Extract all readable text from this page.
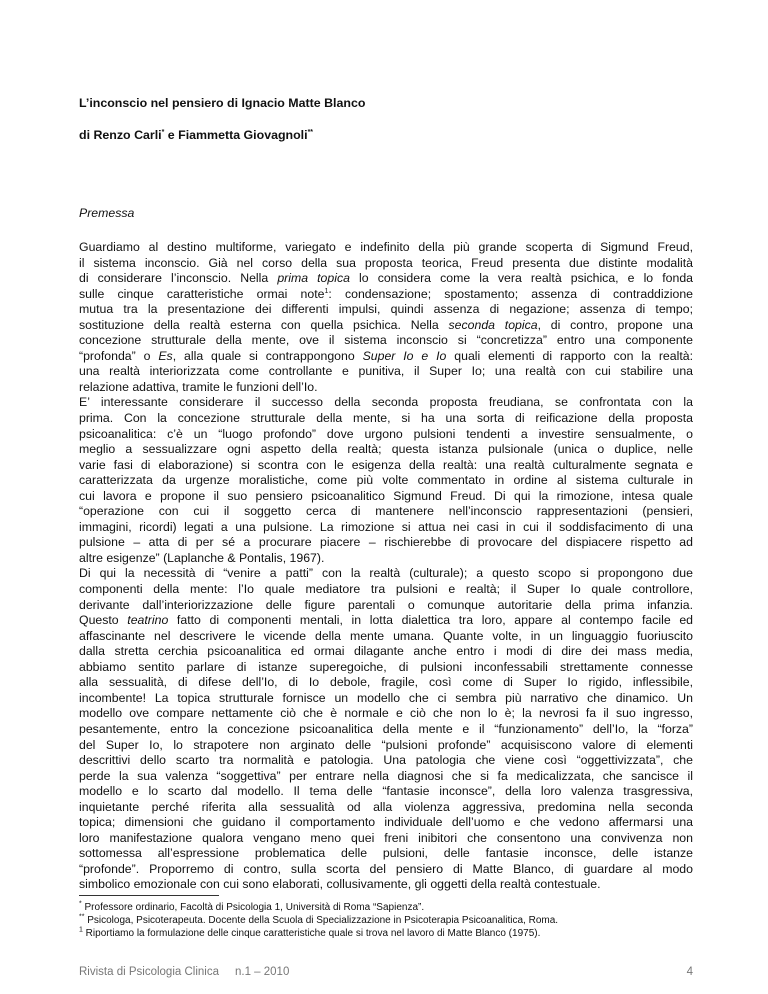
L’inconscio nel pensiero di Ignacio Matte Blanco
di Renzo Carli* e Fiammetta Giovagnoli**
Premessa
Guardiamo al destino multiforme, variegato e indefinito della più grande scoperta di Sigmund Freud,
il sistema inconscio. Già nel corso della sua proposta teorica, Freud presenta due distinte modalità
di considerare l’inconscio. Nella prima topica lo considera come la vera realtà psichica, e lo fonda
sulle cinque caratteristiche ormai note$^1$: condensazione; spostamento; assenza di contraddizione
mutua tra la presentazione dei differenti impulsi, quindi assenza di negazione; assenza di tempo;
sostituzione della realtà esterna con quella psichica. Nella seconda topica, di contro, propone una
concezione strutturale della mente, ove il sistema inconscio si “concretizza” entro una componente
“profonda” o Es, alla quale si contrappongono Super Io e Io quali elementi di rapporto con la realtà:
una realtà interiorizzata come controllante e punitiva, il Super Io; una realtà con cui stabilire una
relazione adattiva, tramite le funzioni dell’Io.
E’ interessante considerare il successo della seconda proposta freudiana, se confrontata con la
prima. Con la concezione strutturale della mente, si ha una sorta di reificazione della proposta
psicoanalitica: c’è un “luogo profondo” dove urgono pulsioni tendenti a investire sensualmente, o
meglio a sessualizzare ogni aspetto della realtà; questa istanza pulsionale (unica o duplice, nelle
varie fasi di elaborazione) si scontra con le esigenza della realtà: una realtà culturalmente segnata e
caratterizzata da urgenze moralistiche, come più volte commentato in ordine al sistema culturale in
cui lavora e propone il suo pensiero psicoanalitico Sigmund Freud. Di qui la rimozione, intesa quale
“operazione con cui il soggetto cerca di mantenere nell’inconscio rappresentazioni (pensieri,
immagini, ricordi) legati a una pulsione. La rimozione si attua nei casi in cui il soddisfacimento di una
pulsione – atta di per sé a procurare piacere – rischierebbe di provocare del dispiacere rispetto ad
altre esigenze” (Laplanche & Pontalis, 1967).
Di qui la necessità di “venire a patti” con la realtà (culturale); a questo scopo si propongono due
componenti della mente: l’Io quale mediatore tra pulsioni e realtà; il Super Io quale controllore,
derivante dall’interiorizzazione delle figure parentali o comunque autoritarie della prima infanzia.
Questo teatrino fatto di componenti mentali, in lotta dialettica tra loro, appare al contempo facile ed
affascinante nel descrivere le vicende della mente umana. Quante volte, in un linguaggio fuoriuscito
dalla stretta cerchia psicoanalitica ed ormai dilagante anche entro i modi di dire dei mass media,
abbiamo sentito parlare di istanze superegoiche, di pulsioni inconfessabili strettamente connesse
alla sessualità, di difese dell’Io, di Io debole, fragile, così come di Super Io rigido, inflessibile,
incombente! La topica strutturale fornisce un modello che ci sembra più narrativo che dinamico. Un
modello ove compare nettamente ciò che è normale e ciò che non lo è; la nevrosi fa il suo ingresso,
pesantemente, entro la concezione psicoanalitica della mente e il “funzionamento” dell’Io, la “forza”
del Super Io, lo strapotere non arginato delle “pulsioni profonde” acquisiscono valore di elementi
descrittivi dello scarto tra normalità e patologia. Una patologia che viene così “oggettivizzata”, che
perde la sua valenza “soggettiva” per entrare nella diagnosi che si fa medicalizzata, che sancisce il
modello e lo scarto dal modello. Il tema delle “fantasie inconsce”, della loro valenza trasgressiva,
inquietante perché riferita alla sessualità od alla violenza aggressiva, predomina nella seconda
topica; dimensioni che guidano il comportamento individuale dell’uomo e che vedono affermarsi una
loro manifestazione qualora vengano meno quei freni inibitori che consentono una convivenza non
sottomessa all’espressione problematica delle pulsioni, delle fantasie inconsce, delle istanze
“profonde”. Proporremo di contro, sulla scorta del pensiero di Matte Blanco, di guardare al modo
simbolico emozionale con cui sono elaborati, collusivamente, gli oggetti della realtà contestuale.
* Professore ordinario, Facoltà di Psicologia 1, Università di Roma “Sapienza”.
** Psicologa, Psicoterapeuta. Docente della Scuola di Specializzazione in Psicoterapia Psicoanalitica, Roma.
$^1$ Riportiamo la formulazione delle cinque caratteristiche quale si trova nel lavoro di Matte Blanco (1975).
Rivista di Psicologia Clinica n.1 – 2010	4
